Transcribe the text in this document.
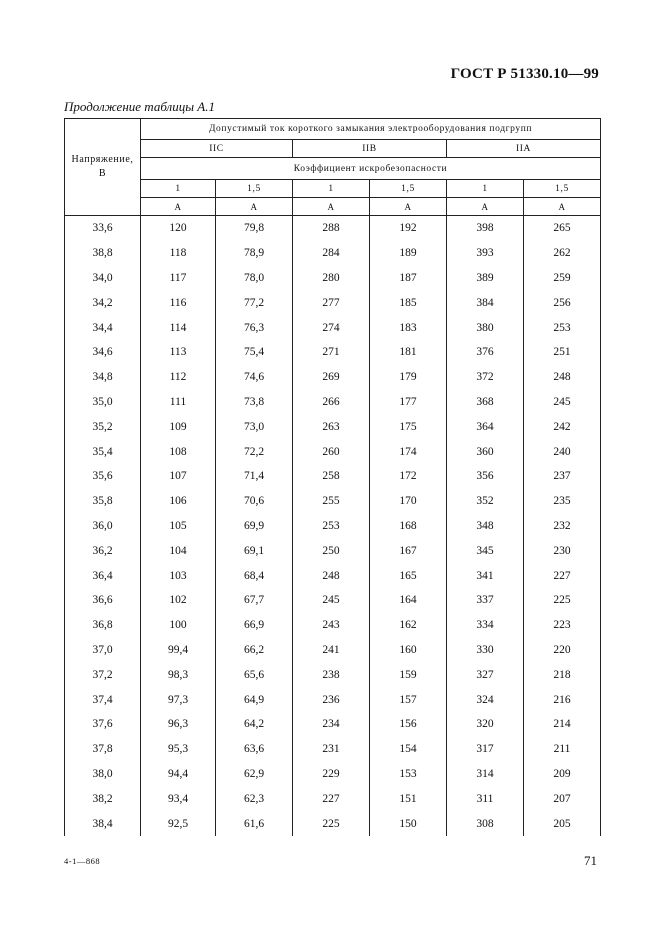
ГОСТ Р 51330.10—99
Продолжение таблицы А.1
Напряжение,
В	Допустимый ток короткого замыкания электрооборудования подгрупп					
	IIC		IIB		IIA	
	Коэффициент искробезопасности					
	1	1,5	1	1,5	1	1,5
	А	А	А	А	А	А
33,6	120	79,8	288	192	398	265
38,8	118	78,9	284	189	393	262
34,0	117	78,0	280	187	389	259
34,2	116	77,2	277	185	384	256
34,4	114	76,3	274	183	380	253
34,6	113	75,4	271	181	376	251
34,8	112	74,6	269	179	372	248
35,0	111	73,8	266	177	368	245
35,2	109	73,0	263	175	364	242
35,4	108	72,2	260	174	360	240
35,6	107	71,4	258	172	356	237
35,8	106	70,6	255	170	352	235
36,0	105	69,9	253	168	348	232
36,2	104	69,1	250	167	345	230
36,4	103	68,4	248	165	341	227
36,6	102	67,7	245	164	337	225
36,8	100	66,9	243	162	334	223
37,0	99,4	66,2	241	160	330	220
37,2	98,3	65,6	238	159	327	218
37,4	97,3	64,9	236	157	324	216
37,6	96,3	64,2	234	156	320	214
37,8	95,3	63,6	231	154	317	211
38,0	94,4	62,9	229	153	314	209
38,2	93,4	62,3	227	151	311	207
38,4	92,5	61,6	225	150	308	205
4-1—868	71
